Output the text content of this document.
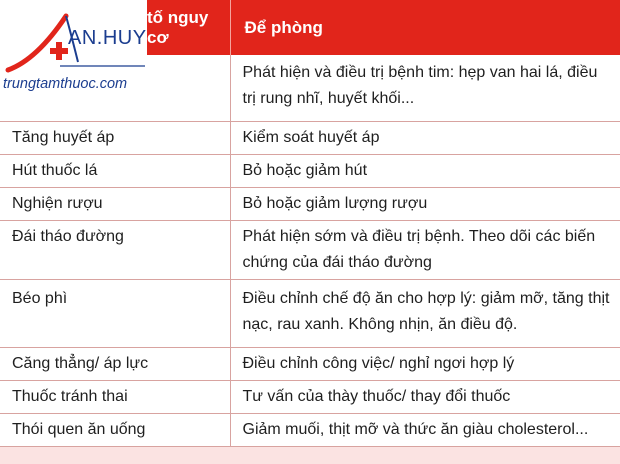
tố nguy cơ	Để phòng
	Phát hiện và điều trị bệnh tim: hẹp van hai lá, điều trị rung nhĩ, huyết khối...
Tăng huyết áp	Kiểm soát huyết áp
Hút thuốc lá	Bỏ hoặc giảm hút
Nghiện rượu	Bỏ hoặc giảm lượng rượu
Đái tháo đường	Phát hiện sớm và điều trị bệnh. Theo dõi các biến chứng của đái tháo đường
Béo phì	Điều chỉnh chế độ ăn cho hợp lý: giảm mỡ, tăng thịt nạc, rau xanh. Không nhịn, ăn điều độ.
Căng thẳng/ áp lực	Điều chỉnh công việc/ nghỉ ngơi hợp lý
Thuốc tránh thai	Tư vấn của thày thuốc/ thay đổi thuốc
Thói quen ăn uống	Giảm muối, thịt mỡ và thức ăn giàu cholesterol...
AN.HUY
trungtamthuoc.com
